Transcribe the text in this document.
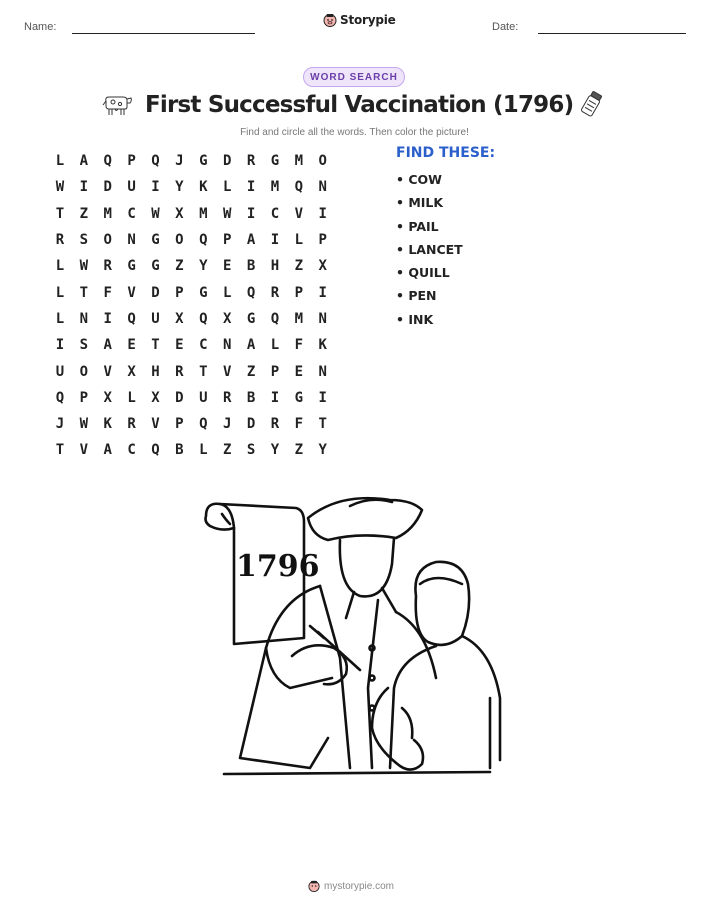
Name:	Storypie	Date:
WORD SEARCH
First Successful Vaccination (1796)
Find and circle all the words. Then color the picture!
L	A	Q	P	Q	J	G	D	R	G	M	O
W	I	D	U	I	Y	K	L	I	M	Q	N
T	Z	M	C	W	X	M	W	I	C	V	I
R	S	O	N	G	O	Q	P	A	I	L	P
L	W	R	G	G	Z	Y	E	B	H	Z	X
L	T	F	V	D	P	G	L	Q	R	P	I
L	N	I	Q	U	X	Q	X	G	Q	M	N
I	S	A	E	T	E	C	N	A	L	F	K
U	O	V	X	H	R	T	V	Z	P	E	N
Q	P	X	L	X	D	U	R	B	I	G	I
J	W	K	R	V	P	Q	J	D	R	F	T
T	V	A	C	Q	B	L	Z	S	Y	Z	Y
FIND THESE:
• COW
• MILK
• PAIL
• LANCET
• QUILL
• PEN
• INK
1796
mystorypie.com
